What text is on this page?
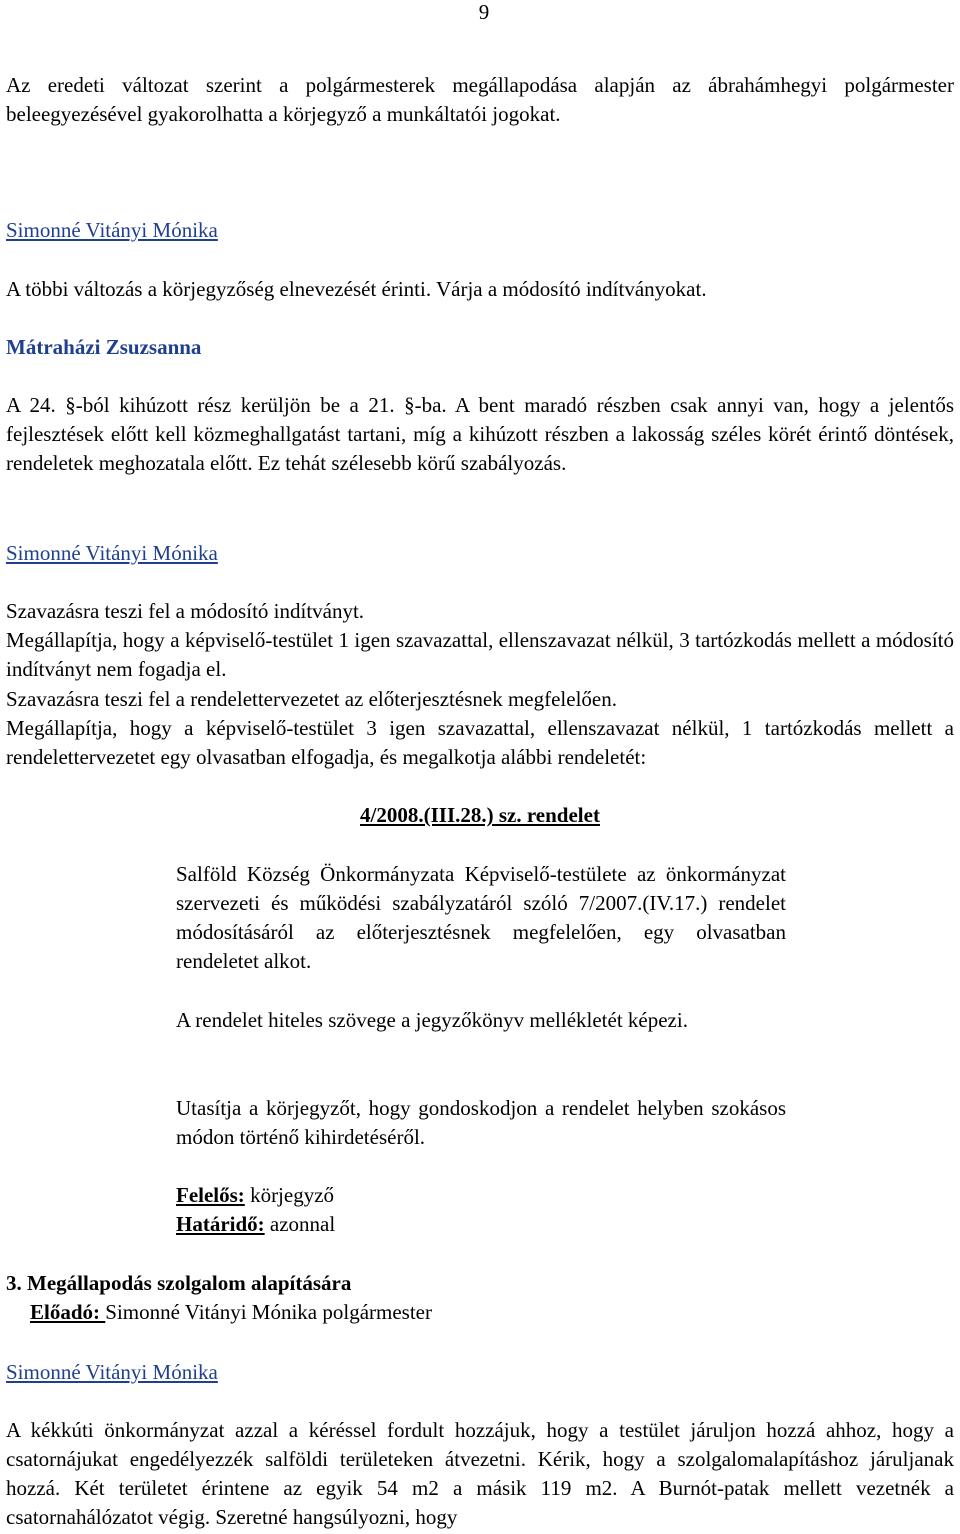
9

Az eredeti változat szerint a polgármesterek megállapodása alapján az ábrahámhegyi polgármester beleegyezésével gyakorolhatta a körjegyző a munkáltatói jogokat.

Simonné Vitányi Mónika

A többi változás a körjegyzőség elnevezését érinti. Várja a módosító indítványokat.

Mátraházi Zsuzsanna

A 24. §-ból kihúzott rész kerüljön be a 21. §-ba. A bent maradó részben csak annyi van, hogy a jelentős fejlesztések előtt kell közmeghallgatást tartani, míg a kihúzott részben a lakosság széles körét érintő döntések, rendeletek meghozatala előtt. Ez tehát szélesebb körű szabályozás.

Simonné Vitányi Mónika

Szavazásra teszi fel a módosító indítványt.

Megállapítja, hogy a képviselő-testület 1 igen szavazattal, ellenszavazat nélkül, 3 tartózkodás mellett a módosító indítványt nem fogadja el.

Szavazásra teszi fel a rendelettervezetet az előterjesztésnek megfelelően.

Megállapítja, hogy a képviselő-testület 3 igen szavazattal, ellenszavazat nélkül, 1 tartózkodás mellett a rendelettervezetet egy olvasatban elfogadja, és megalkotja alábbi rendeletét:

4/2008.(III.28.) sz. rendelet

Salföld Község Önkormányzata Képviselő-testülete az önkormányzat szervezeti és működési szabályzatáról szóló 7/2007.(IV.17.) rendelet módosításáról az előterjesztésnek megfelelően, egy olvasatban rendeletet alkot.

A rendelet hiteles szövege a jegyzőkönyv mellékletét képezi.

Utasítja a körjegyzőt, hogy gondoskodjon a rendelet helyben szokásos módon történő kihirdetéséről.

Felelős: körjegyző
Határidő: azonnal

3. Megállapodás szolgalom alapítására

Előadó: Simonné Vitányi Mónika polgármester

Simonné Vitányi Mónika

A kékkúti önkormányzat azzal a kéréssel fordult hozzájuk, hogy a testület járuljon hozzá ahhoz, hogy a csatornájukat engedélyezzék salföldi területeken átvezetni. Kérik, hogy a szolgalomalapításhoz járuljanak hozzá. Két területet érintene az egyik 54 m2 a másik 119 m2. A Burnót-patak mellett vezetnék a csatornahálózatot végig. Szeretné hangsúlyozni, hogy
